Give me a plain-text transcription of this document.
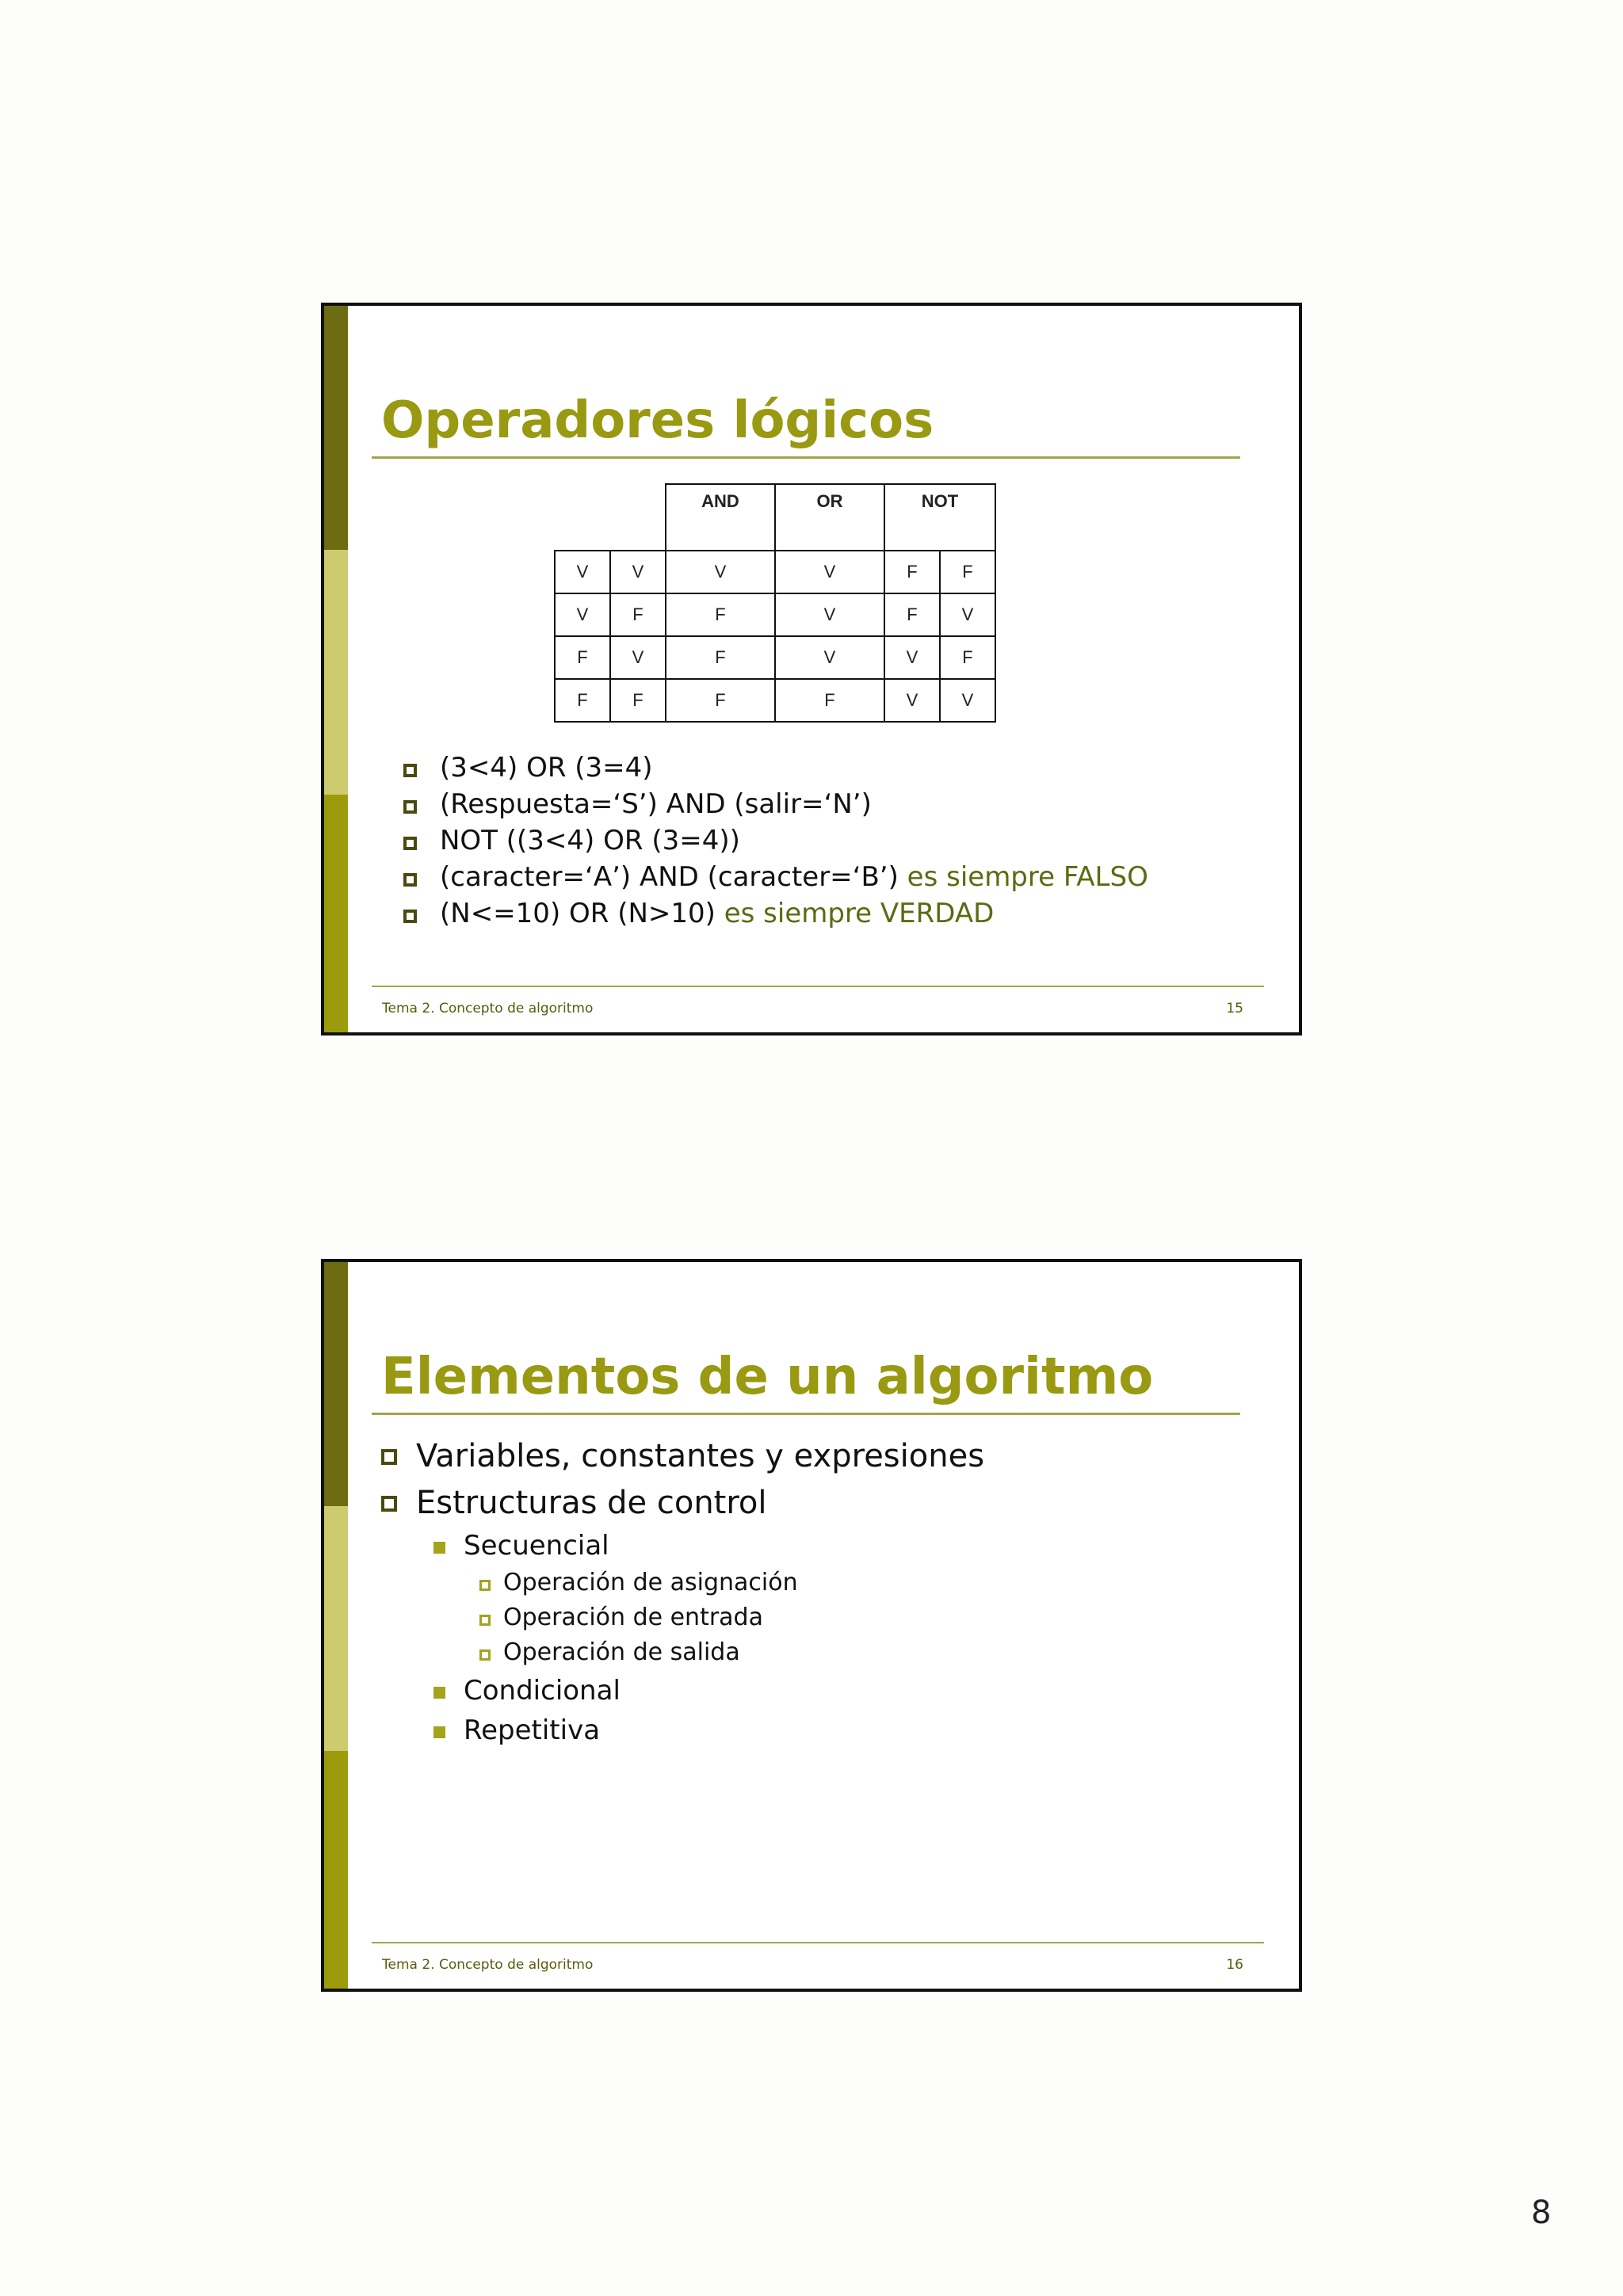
Operadores lógicos
		AND	OR	NOT	
V	V	V	V	F	F
V	F	F	V	F	V
F	V	F	V	V	F
F	F	F	F	V	V
(3<4) OR (3=4)
(Respuesta=‘S’) AND (salir=‘N’)
NOT ((3<4) OR (3=4))
(caracter=‘A’) AND (caracter=‘B’) es siempre FALSO
(N<=10) OR (N>10) es siempre VERDAD
Tema 2. Concepto de algoritmo	15
Elementos de un algoritmo
Variables, constantes y expresiones
Estructuras de control
Secuencial
Operación de asignación
Operación de entrada
Operación de salida
Condicional
Repetitiva
Tema 2. Concepto de algoritmo	16
8
